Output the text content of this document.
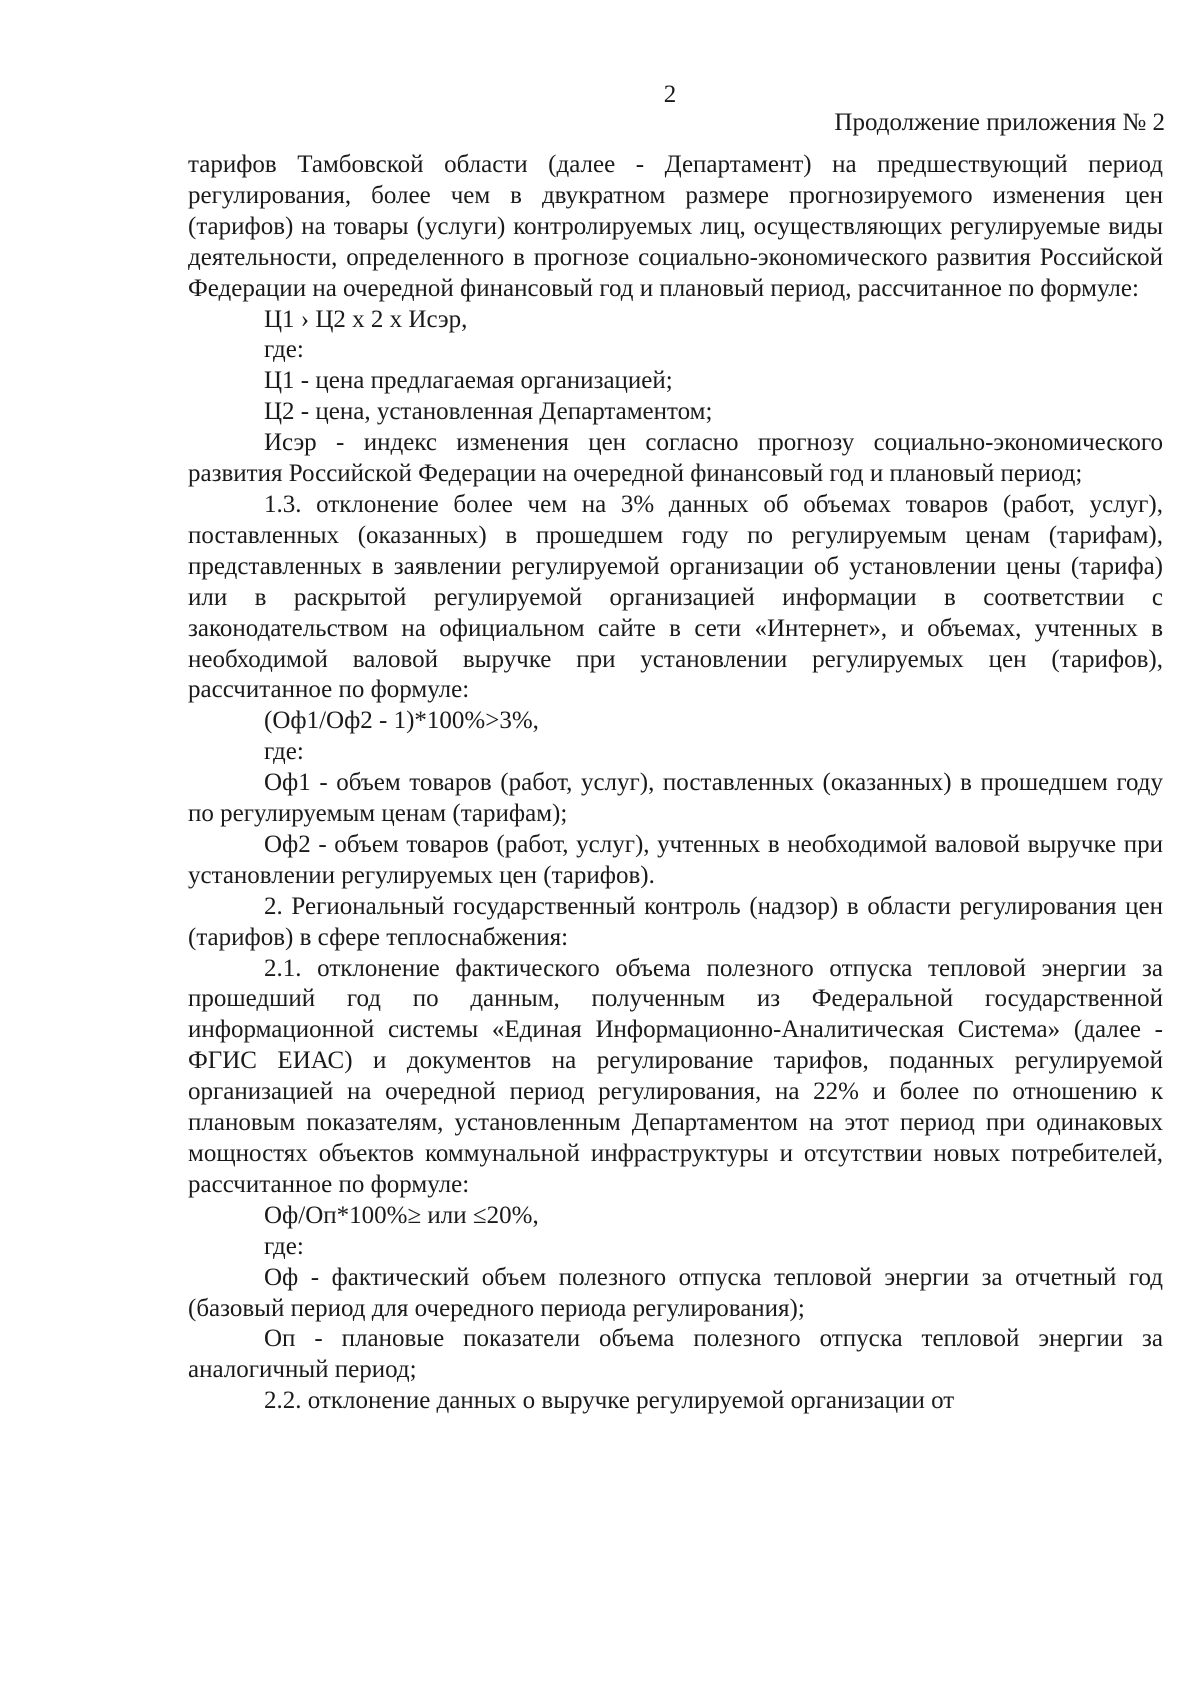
2
Продолжение приложения № 2

тарифов Тамбовской области (далее - Департамент) на предшествующий период регулирования, более чем в двукратном размере прогнозируемого изменения цен (тарифов) на товары (услуги) контролируемых лиц, осуществляющих регулируемые виды деятельности, определенного в прогнозе социально-экономического развития Российской Федерации на очередной финансовый год и плановый период, рассчитанное по формуле:

Ц1 › Ц2 х 2 х Исэр,

где:

Ц1 - цена предлагаемая организацией;

Ц2 - цена, установленная Департаментом;

Исэр - индекс изменения цен согласно прогнозу социально-экономического развития Российской Федерации на очередной финансовый год и плановый период;

1.3. отклонение более чем на 3% данных об объемах товаров (работ, услуг), поставленных (оказанных) в прошедшем году по регулируемым ценам (тарифам), представленных в заявлении регулируемой организации об установлении цены (тарифа) или в раскрытой регулируемой организацией информации в соответствии с законодательством на официальном сайте в сети «Интернет», и объемах, учтенных в необходимой валовой выручке при установлении регулируемых цен (тарифов), рассчитанное по формуле:

(Оф1/Оф2 - 1)*100%>3%,

где:

Оф1 - объем товаров (работ, услуг), поставленных (оказанных) в прошедшем году по регулируемым ценам (тарифам);

Оф2 - объем товаров (работ, услуг), учтенных в необходимой валовой выручке при установлении регулируемых цен (тарифов).

2. Региональный государственный контроль (надзор) в области регулирования цен (тарифов) в сфере теплоснабжения:

2.1. отклонение фактического объема полезного отпуска тепловой энергии за прошедший год по данным, полученным из Федеральной государственной информационной системы «Единая Информационно-Аналитическая Система» (далее - ФГИС ЕИАС) и документов на регулирование тарифов, поданных регулируемой организацией на очередной период регулирования, на 22% и более по отношению к плановым показателям, установленным Департаментом на этот период при одинаковых мощностях объектов коммунальной инфраструктуры и отсутствии новых потребителей, рассчитанное по формуле:

Оф/Оп*100%≥ или ≤20%,

где:

Оф - фактический объем полезного отпуска тепловой энергии за отчетный год (базовый период для очередного периода регулирования);

Оп - плановые показатели объема полезного отпуска тепловой энергии за аналогичный период;

2.2. отклонение данных о выручке регулируемой организации от
